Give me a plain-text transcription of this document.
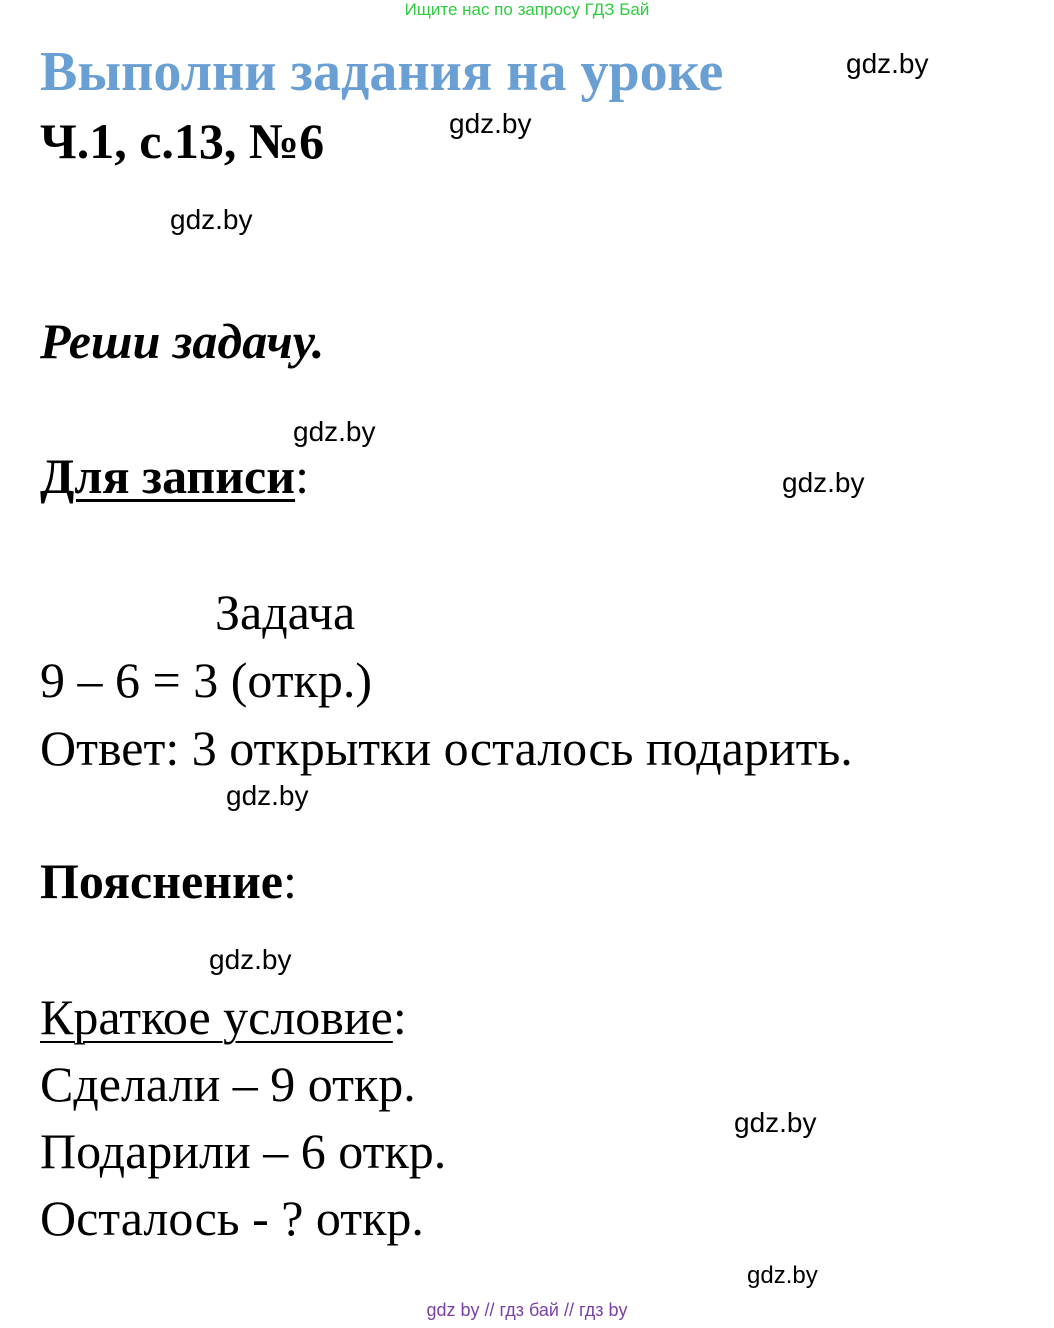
Ищите нас по запросу ГДЗ Бай
Выполни задания на уроке
Ч.1, с.13, №6
Реши задачу.
Для записи:
Задача
9 – 6 = 3 (откр.)
Ответ: 3 открытки осталось подарить.
Пояснение:
Краткое условие:
Сделали – 9 откр.
Подарили – 6 откр.
Осталось - ? откр.
gdz.by
gdz.by
gdz.by
gdz.by
gdz.by
gdz.by
gdz.by
gdz.by
gdz.by
gdz by // гдз бай // гдз by
